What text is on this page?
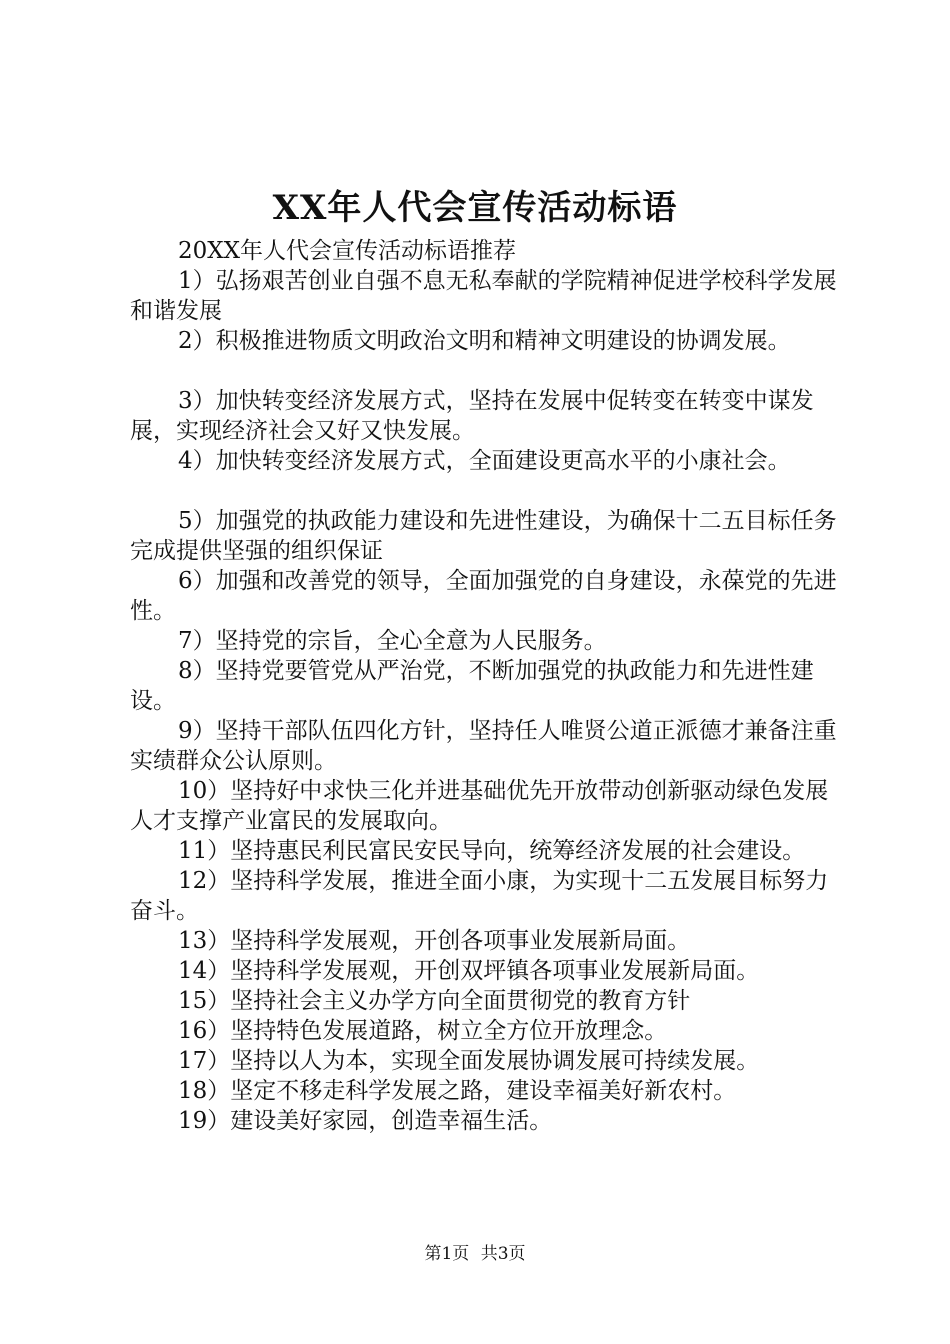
XX年人代会宣传活动标语

20XX年人代会宣传活动标语推荐

1）弘扬艰苦创业自强不息无私奉献的学院精神促进学校科学发展和谐发展

2）积极推进物质文明政治文明和精神文明建设的协调发展。

3）加快转变经济发展方式，坚持在发展中促转变在转变中谋发展，实现经济社会又好又快发展。

4）加快转变经济发展方式，全面建设更高水平的小康社会。

5）加强党的执政能力建设和先进性建设，为确保十二五目标任务完成提供坚强的组织保证

6）加强和改善党的领导，全面加强党的自身建设，永葆党的先进性。

7）坚持党的宗旨，全心全意为人民服务。

8）坚持党要管党从严治党，不断加强党的执政能力和先进性建设。

9）坚持干部队伍四化方针，坚持任人唯贤公道正派德才兼备注重实绩群众公认原则。

10）坚持好中求快三化并进基础优先开放带动创新驱动绿色发展人才支撑产业富民的发展取向。

11）坚持惠民利民富民安民导向，统筹经济发展的社会建设。

12）坚持科学发展，推进全面小康，为实现十二五发展目标努力奋斗。

13）坚持科学发展观，开创各项事业发展新局面。

14）坚持科学发展观，开创双坪镇各项事业发展新局面。

15）坚持社会主义办学方向全面贯彻党的教育方针

16）坚持特色发展道路，树立全方位开放理念。

17）坚持以人为本，实现全面发展协调发展可持续发展。

18）坚定不移走科学发展之路，建设幸福美好新农村。

19）建设美好家园，创造幸福生活。

第1页 共3页
